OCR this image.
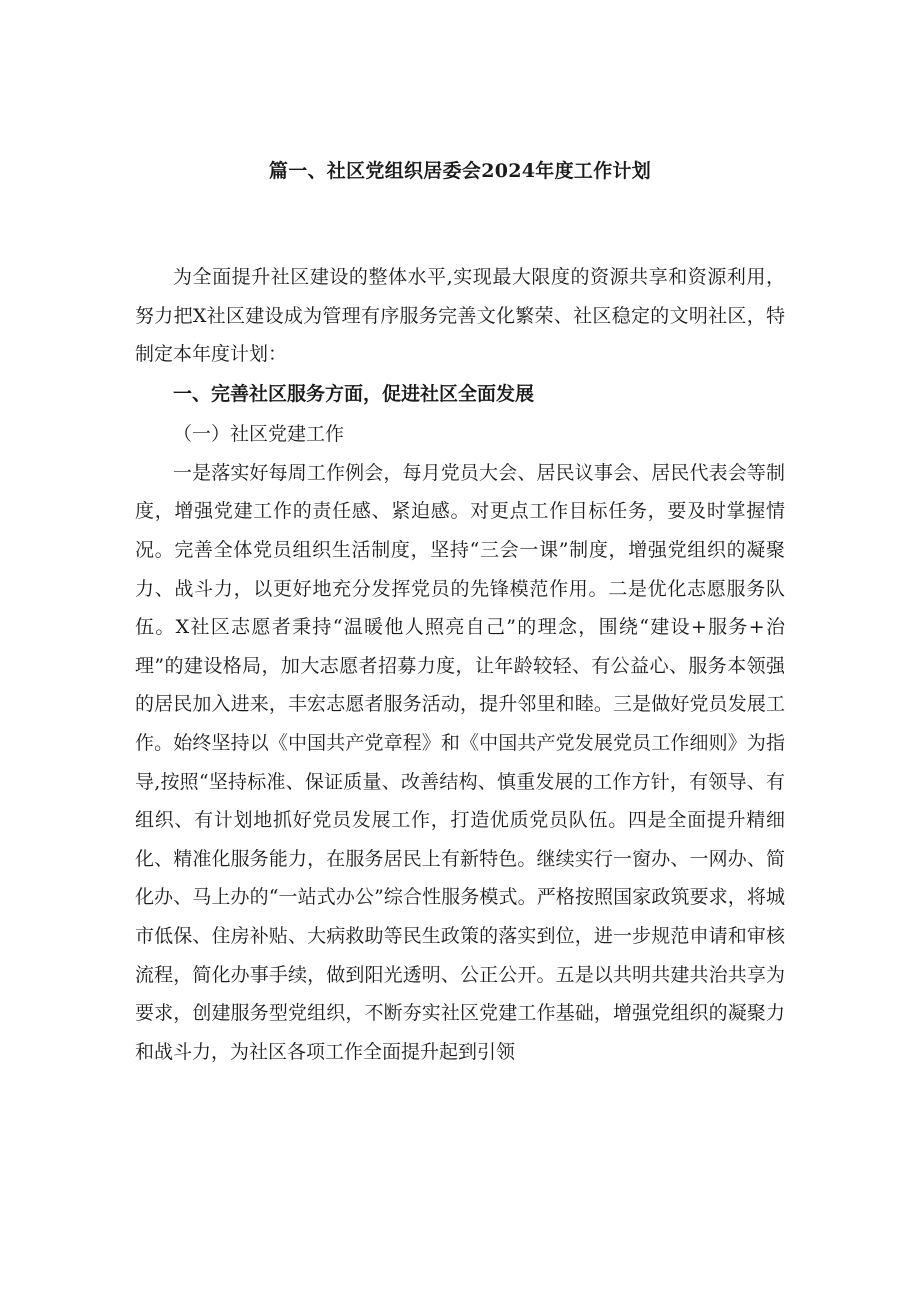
篇一、社区党组织居委会2024年度工作计划

为全面提升社区建设的整体水平,实现最大限度的资源共享和资源利用，努力把X社区建设成为管理有序服务完善文化繁荣、社区稳定的文明社区，特制定本年度计划：

一、完善社区服务方面，促进社区全面发展

（一）社区党建工作

一是落实好每周工作例会，每月党员大会、居民议事会、居民代表会等制度，增强党建工作的责任感、紧迫感。对更点工作目标任务，要及时掌握情况。完善全体党员组织生活制度，坚持“三会一课”制度，增强党组织的凝聚力、战斗力，以更好地充分发挥党员的先锋模范作用。二是优化志愿服务队伍。X社区志愿者秉持“温暖他人照亮自己”的理念，围绕“建设+服务+治理”的建设格局，加大志愿者招募力度，让年龄较轻、有公益心、服务本领强的居民加入进来，丰宏志愿者服务活动，提升邻里和睦。三是做好党员发展工作。始终坚持以《中国共产党章程》和《中国共产党发展党员工作细则》为指导,按照“坚持标准、保证质量、改善结构、慎重发展的工作方针，有领导、有组织、有计划地抓好党员发展工作，打造优质党员队伍。四是全面提升精细化、精准化服务能力，在服务居民上有新特色。继续实行一窗办、一网办、简化办、马上办的“一站式办公”综合性服务模式。严格按照国家政筑要求，将城市低保、住房补贴、大病救助等民生政策的落实到位，进一步规范申请和审核流程，简化办事手续，做到阳光透明、公正公开。五是以共明共建共治共享为要求，创建服务型党组织，不断夯实社区党建工作基础，增强党组织的凝聚力和战斗力，为社区各项工作全面提升起到引领
